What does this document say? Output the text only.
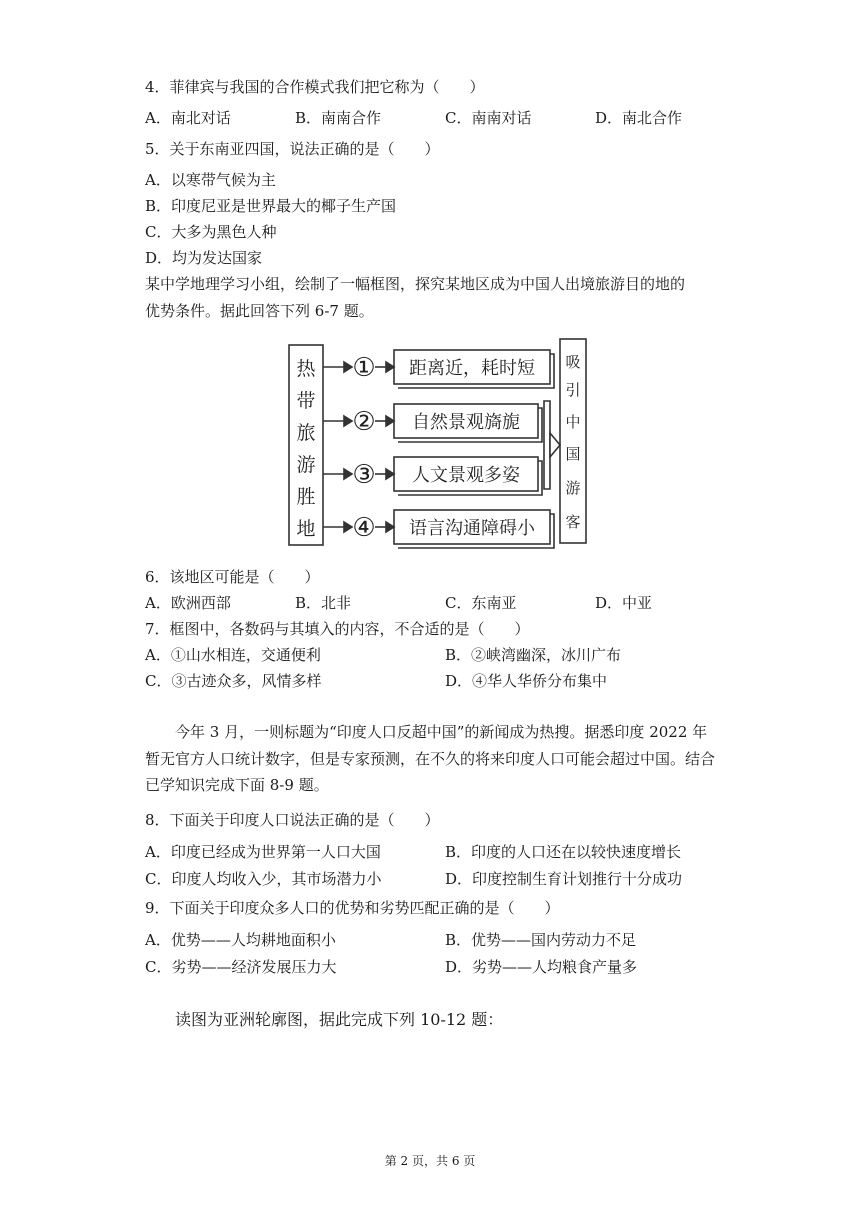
4．菲律宾与我国的合作模式我们把它称为（　　）
A．南北对话	B．南南合作	C．南南对话	D．南北合作
5．关于东南亚四国，说法正确的是（　　）
A．以寒带气候为主
B．印度尼亚是世界最大的椰子生产国
C．大多为黑色人种
D．均为发达国家
某中学地理学习小组，绘制了一幅框图，探究某地区成为中国人出境旅游目的地的
优势条件。据此回答下列 6-7 题。
热
带
旅
游
胜
地
①
②
③
④
距离近，耗时短
自然景观旖旎
人文景观多姿
语言沟通障碍小
吸
引
中
国
游
客
6．该地区可能是（　　）
A．欧洲西部	B．北非	C．东南亚	D．中亚
7．框图中，各数码与其填入的内容，不合适的是（　　）
A．①山水相连，交通便利	B．②峡湾幽深，冰川广布
C．③古迹众多，风情多样	D．④华人华侨分布集中
今年 3 月，一则标题为“印度人口反超中国”的新闻成为热搜。据悉印度 2022 年暂无官方人口统计数字，但是专家预测，在不久的将来印度人口可能会超过中国。结合已学知识完成下面 8-9 题。
8．下面关于印度人口说法正确的是（　　）
A．印度已经成为世界第一人口大国	B．印度的人口还在以较快速度增长
C．印度人均收入少，其市场潜力小	D．印度控制生育计划推行十分成功
9．下面关于印度众多人口的优势和劣势匹配正确的是（　　）
A．优势——人均耕地面积小	B．优势——国内劳动力不足
C．劣势——经济发展压力大	D．劣势——人均粮食产量多
读图为亚洲轮廓图，据此完成下列 10-12 题：
第 2 页，共 6 页
